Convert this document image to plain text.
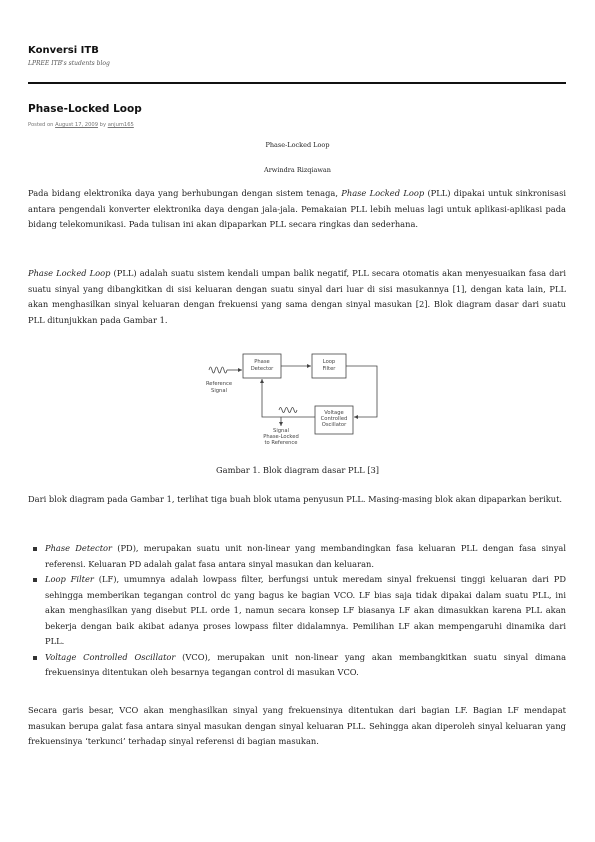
Konversi ITB
LPREE ITB's students blog
Phase-Locked Loop
Posted on August 17, 2009 by anjum165
Phase-Locked Loop
Arwindra Rizqiawan
Pada bidang elektronika daya yang berhubungan dengan sistem tenaga, Phase Locked Loop (PLL) dipakai untuk sinkronisasi antara pengendali konverter elektronika daya dengan jala-jala. Pemakaian PLL lebih meluas lagi untuk aplikasi-aplikasi pada bidang telekomunikasi. Pada tulisan ini akan dipaparkan PLL secara ringkas dan sederhana.
Phase Locked Loop (PLL) adalah suatu sistem kendali umpan balik negatif, PLL secara otomatis akan menyesuaikan fasa dari suatu sinyal yang dibangkitkan di sisi keluaran dengan suatu sinyal dari luar di sisi masukannya [1], dengan kata lain, PLL akan menghasilkan sinyal keluaran dengan frekuensi yang sama dengan sinyal masukan [2]. Blok diagram dasar dari suatu PLL ditunjukkan pada Gambar 1.
Phase
Detector
Loop
Filter
Voltage
Controlled
Oscillator
Reference
Signal
Signal
Phase-Locked
to Reference
Gambar 1. Blok diagram dasar PLL [3]
Dari blok diagram pada Gambar 1, terlihat tiga buah blok utama penyusun PLL. Masing-masing blok akan dipaparkan berikut.
Phase Detector (PD), merupakan suatu unit non-linear yang membandingkan fasa keluaran PLL dengan fasa sinyal referensi. Keluaran PD adalah galat fasa antara sinyal masukan dan keluaran.
Loop Filter (LF), umumnya adalah lowpass filter, berfungsi untuk meredam sinyal frekuensi tinggi keluaran dari PD sehingga memberikan tegangan control dc yang bagus ke bagian VCO. LF bias saja tidak dipakai dalam suatu PLL, ini akan menghasilkan yang disebut PLL orde 1, namun secara konsep LF biasanya LF akan dimasukkan karena PLL akan bekerja dengan baik akibat adanya proses lowpass filter didalamnya. Pemilihan LF akan mempengaruhi dinamika dari PLL.
Voltage Controlled Oscillator (VCO), merupakan unit non-linear yang akan membangkitkan suatu sinyal dimana frekuensinya ditentukan oleh besarnya tegangan control di masukan VCO.
Secara garis besar, VCO akan menghasilkan sinyal yang frekuensinya ditentukan dari bagian LF. Bagian LF mendapat masukan berupa galat fasa antara sinyal masukan dengan sinyal keluaran PLL. Sehingga akan diperoleh sinyal keluaran yang frekuensinya ‘terkunci’ terhadap sinyal referensi di bagian masukan.
